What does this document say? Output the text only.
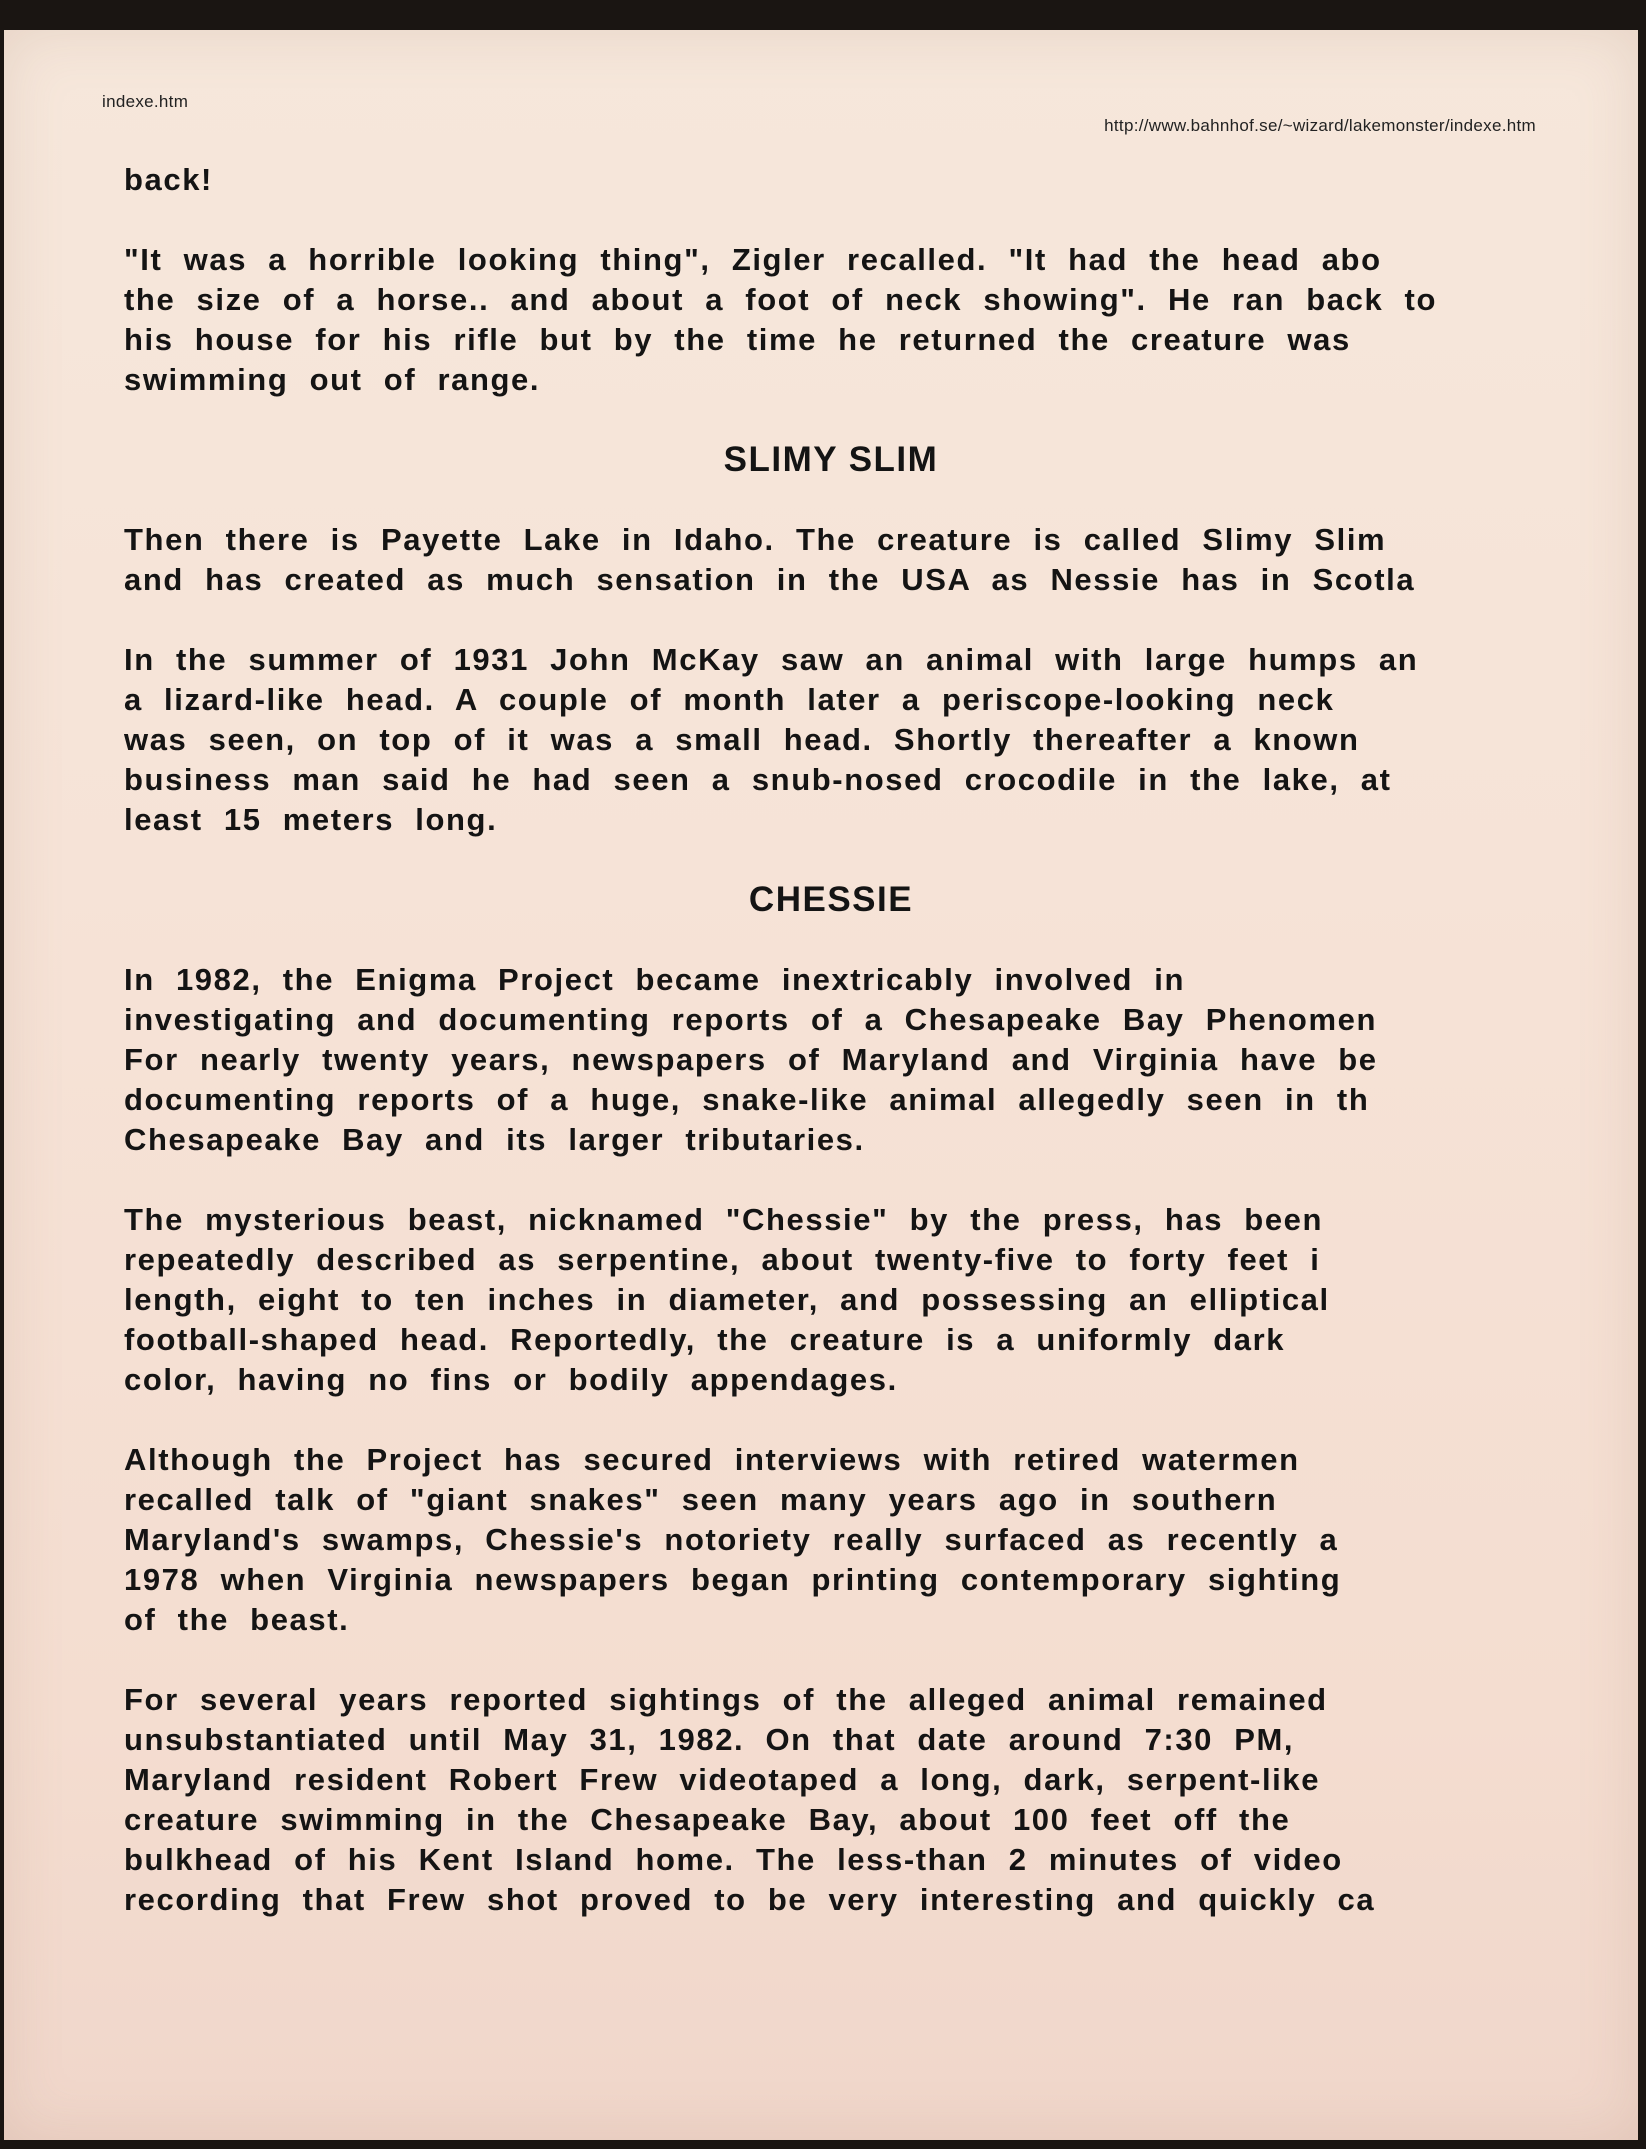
indexe.htm
http://www.bahnhof.se/~wizard/lakemonster/indexe.htm

back!

"It was a horrible looking thing", Zigler recalled. "It had the head abo
the size of a horse.. and about a foot of neck showing". He ran back to
his house for his rifle but by the time he returned the creature was
swimming out of range.

SLIMY SLIM

Then there is Payette Lake in Idaho. The creature is called Slimy Slim
and has created as much sensation in the USA as Nessie has in Scotla

In the summer of 1931 John McKay saw an animal with large humps an
a lizard-like head. A couple of month later a periscope-looking neck
was seen, on top of it was a small head. Shortly thereafter a known
business man said he had seen a snub-nosed crocodile in the lake, at
least 15 meters long.

CHESSIE

In 1982, the Enigma Project became inextricably involved in
investigating and documenting reports of a Chesapeake Bay Phenomen
For nearly twenty years, newspapers of Maryland and Virginia have be
documenting reports of a huge, snake-like animal allegedly seen in th
Chesapeake Bay and its larger tributaries.

The mysterious beast, nicknamed "Chessie" by the press, has been
repeatedly described as serpentine, about twenty-five to forty feet i
length, eight to ten inches in diameter, and possessing an elliptical
football-shaped head. Reportedly, the creature is a uniformly dark
color, having no fins or bodily appendages.

Although the Project has secured interviews with retired watermen
recalled talk of "giant snakes" seen many years ago in southern
Maryland's swamps, Chessie's notoriety really surfaced as recently a
1978 when Virginia newspapers began printing contemporary sighting
of the beast.

For several years reported sightings of the alleged animal remained
unsubstantiated until May 31, 1982. On that date around 7:30 PM,
Maryland resident Robert Frew videotaped a long, dark, serpent-like
creature swimming in the Chesapeake Bay, about 100 feet off the
bulkhead of his Kent Island home. The less-than 2 minutes of video
recording that Frew shot proved to be very interesting and quickly ca
